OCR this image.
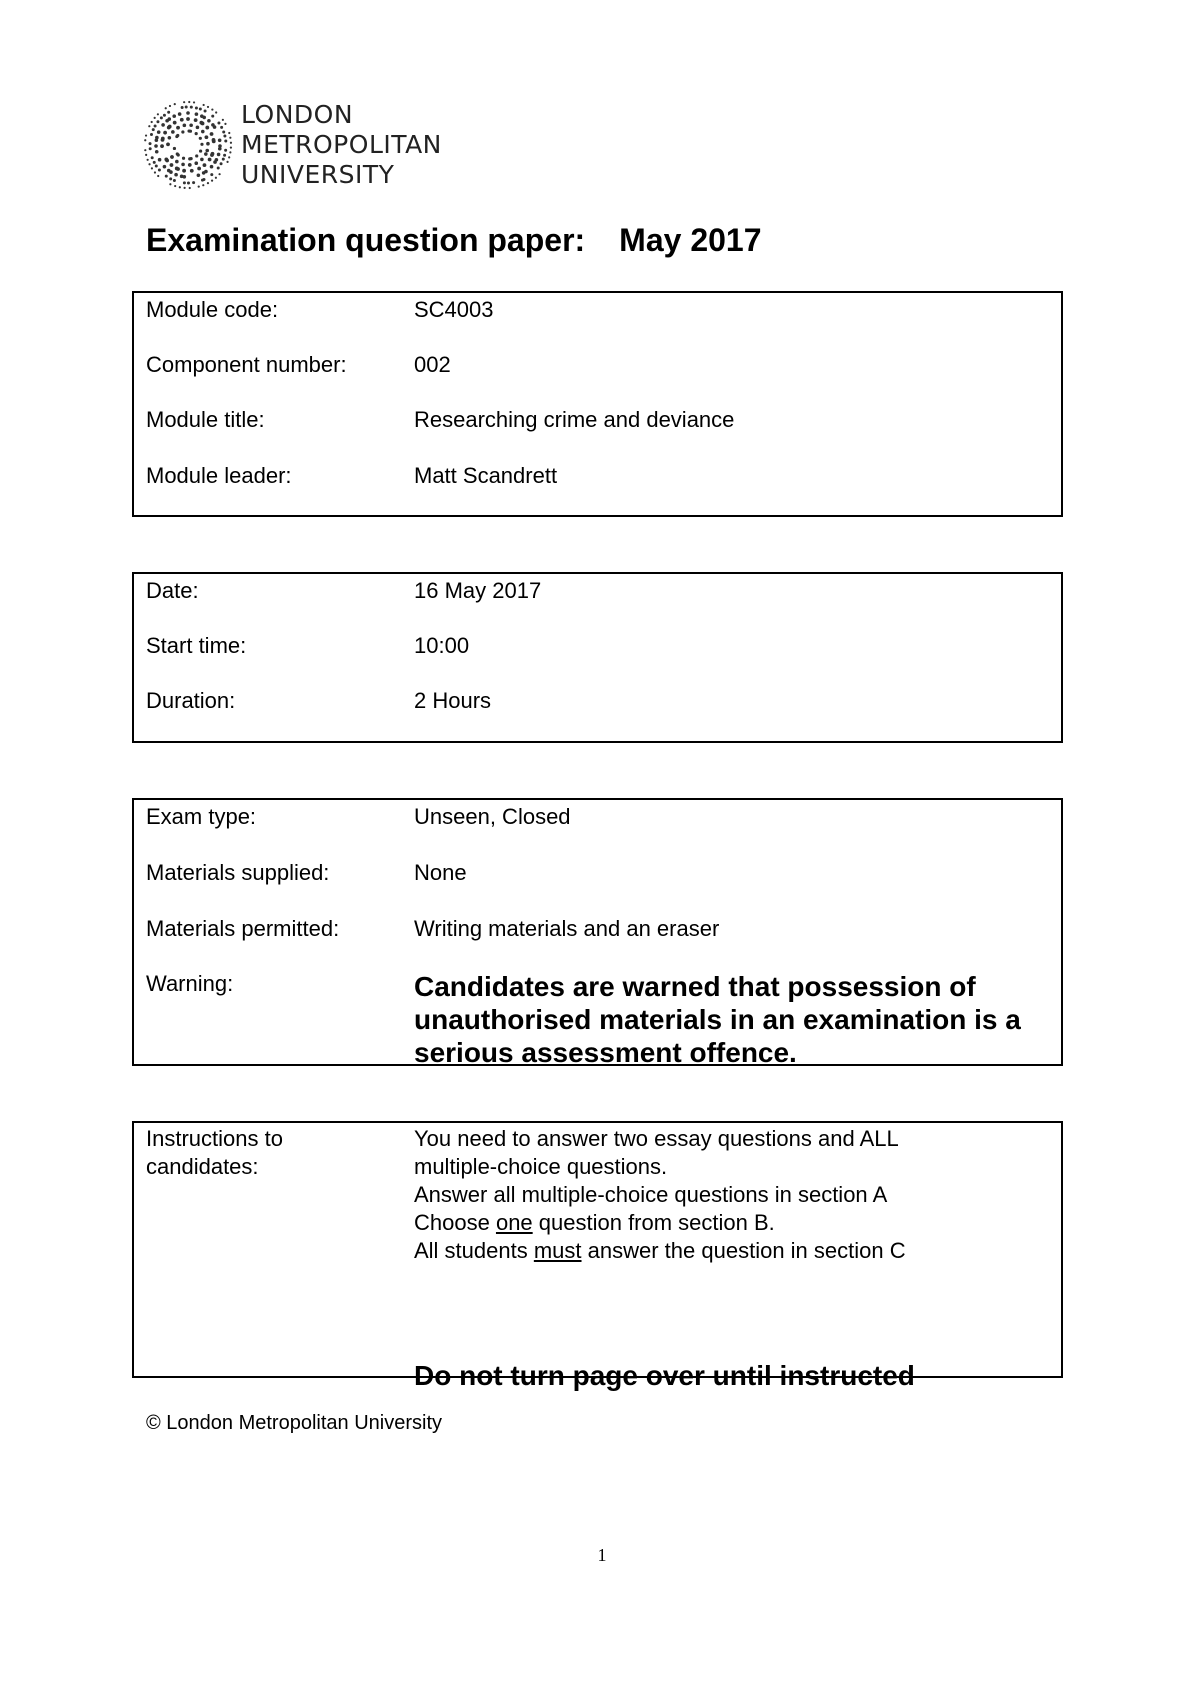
LONDON
METROPOLITAN
UNIVERSITY
Examination question paper: May 2017
Module code:	SC4003
Component number:	002
Module title:	Researching crime and deviance
Module leader:	Matt Scandrett
Date:	16 May 2017
Start time:	10:00
Duration:	2 Hours
Exam type:	Unseen, Closed
Materials supplied:	None
Materials permitted:	Writing materials and an eraser
Warning:	Candidates are warned that possession of unauthorised materials in an examination is a serious assessment offence.
Instructions to candidates:
You need to answer two essay questions and ALL
multiple-choice questions.
Answer all multiple-choice questions in section A
Choose one question from section B.
All students must answer the question in section C
Do not turn page over until instructed
© London Metropolitan University
1
